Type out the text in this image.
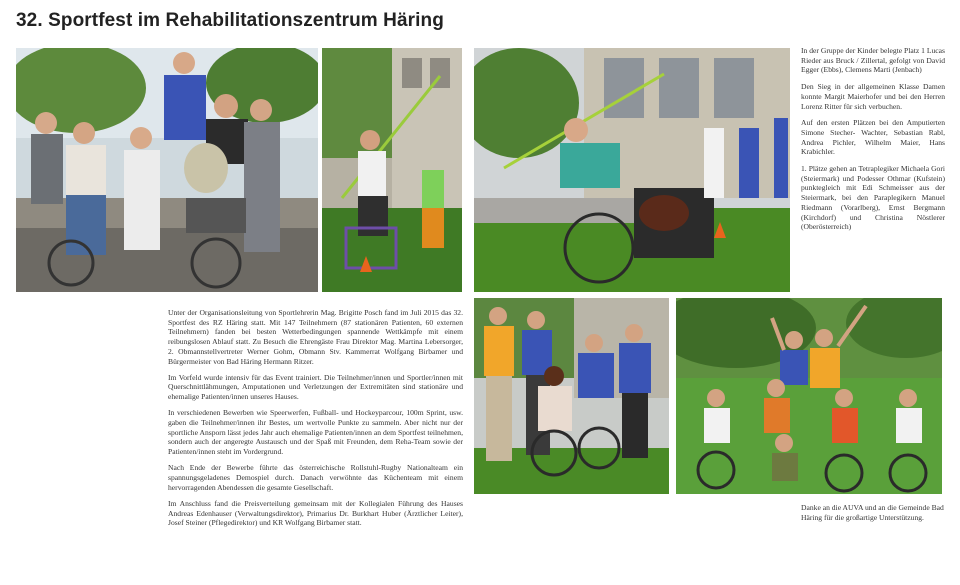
32. Sportfest im Rehabilitationszentrum Häring

Unter der Organisationsleitung von Sportlehrerin Mag. Brigitte Posch fand im Juli 2015 das 32. Sportfest des RZ Häring statt. Mit 147 Teilnehmern (87 stationären Patienten, 60 externen Teilnehmern) fanden bei besten Wetterbedingungen spannende Wettkämpfe mit einem reibungslosen Ablauf statt. Zu Besuch die Ehrengäste Frau Direktor Mag. Martina Lebersorger, 2. Obmannstellvertreter Werner Gohm, Obmann Stv. Kammerrat Wolfgang Birbamer und Bürgermeister von Bad Häring Hermann Ritzer.

Im Vorfeld wurde intensiv für das Event trainiert. Die Teilnehmer/innen und Sportler/innen mit Querschnittlähmungen, Amputationen und Verletzungen der Extremitäten sind stationäre und ehemalige Patienten/innen unseres Hauses.

In verschiedenen Bewerben wie Speerwerfen, Fußball- und Hockeyparcour, 100m Sprint, usw. gaben die Teilnehmer/innen ihr Bestes, um wertvolle Punkte zu sammeln. Aber nicht nur der sportliche Ansporn lässt jedes Jahr auch ehemalige Patienten/innen an dem Sportfest teilnehmen, sondern auch der angeregte Austausch und der Spaß mit Freunden, dem Reha-Team sowie der Patienten/innen steht im Vordergrund.

Nach Ende der Bewerbe führte das österreichische Rollstuhl-Rugby Nationalteam ein spannungsgeladenes Demospiel durch. Danach verwöhnte das Küchenteam mit einem hervorragenden Abendessen die gesamte Gesellschaft.

Im Anschluss fand die Preisverteilung gemeinsam mit der Kollegialen Führung des Hauses Andreas Edenhauser (Verwaltungsdirektor), Primarius Dr. Burkhart Huber (Ärztlicher Leiter), Josef Steiner (Pflegedirektor) und KR Wolfgang Birbamer statt.

In der Gruppe der Kinder belegte Platz 1 Lucas Rieder aus Bruck / Zillertal, gefolgt von David Egger (Ebbs), Clemens Marti (Jenbach)

Den Sieg in der allgemeinen Klasse Damen konnte Margit Maierhofer und bei den Herren Lorenz Ritter für sich verbuchen.

Auf den ersten Plätzen bei den Amputierten Simone Stecher- Wachter, Sebastian Rabl, Andrea Pichler, Wilhelm Maier, Hans Krabichler.

1. Plätze gehen an Tetraplegiker Michaela Gori (Steiermark) und Podesser Othmar (Kufstein) punktegleich mit Edi Schmeisser aus der Steiermark, bei den Paraplegikern Manuel Riedmann (Vorarlberg), Ernst Bergmann (Kirchdorf) und Christina Nöstlerer (Oberösterreich)

Danke an die AUVA und an die Gemeinde Bad Häring für die großartige Unterstützung.
